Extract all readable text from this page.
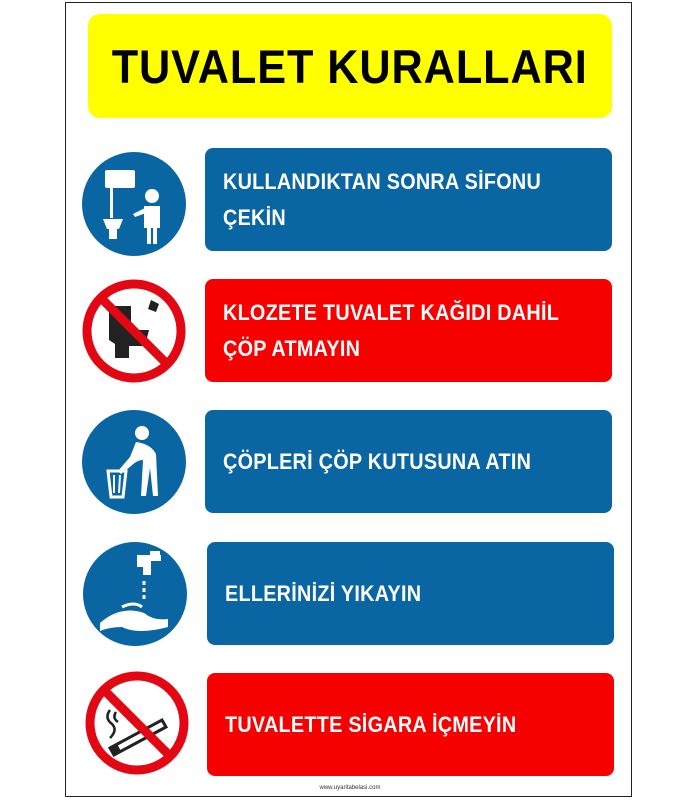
TUVALET KURALLARI
KULLANDIKTAN SONRA SİFONU
ÇEKİN
KLOZETE TUVALET KAĞIDI DAHİL
ÇÖP ATMAYIN
ÇÖPLERİ ÇÖP KUTUSUNA ATIN
ELLERİNİZİ YIKAYIN
TUVALETTE SİGARA İÇMEYİN
www.uyaritabelasi.com
